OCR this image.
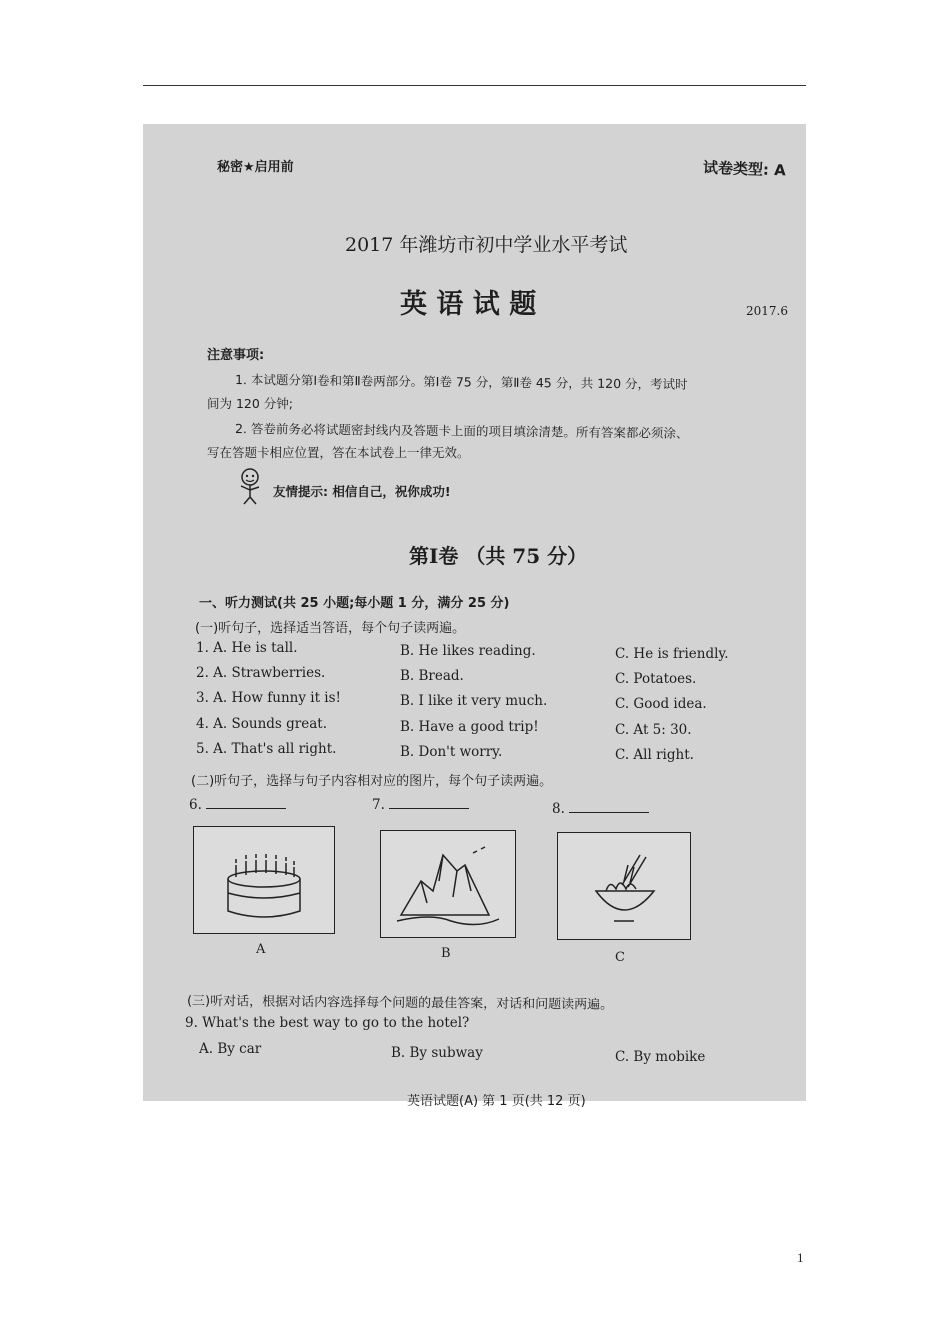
秘密★启用前	试卷类型: A
2017 年潍坊市初中学业水平考试
英 语 试 题	2017.6
注意事项:
1. 本试题分第Ⅰ卷和第Ⅱ卷两部分。第Ⅰ卷 75 分，第Ⅱ卷 45 分，共 120 分，考试时
间为 120 分钟;
2. 答卷前务必将试题密封线内及答题卡上面的项目填涂清楚。所有答案都必须涂、
写在答题卡相应位置，答在本试卷上一律无效。
友情提示: 相信自己，祝你成功!
第Ⅰ卷 （共 75 分）
一、听力测试(共 25 小题;每小题 1 分，满分 25 分)
(一)听句子，选择适当答语，每个句子读两遍。
1. A. He is tall.	B. He likes reading.	C. He is friendly.
2. A. Strawberries.	B. Bread.	C. Potatoes.
3. A. How funny it is!	B. I like it very much.	C. Good idea.
4. A. Sounds great.	B. Have a good trip!	C. At 5: 30.
5. A. That's all right.	B. Don't worry.	C. All right.
(二)听句子，选择与句子内容相对应的图片，每个句子读两遍。
6.	7.	8.
A	B	C
(三)听对话，根据对话内容选择每个问题的最佳答案，对话和问题读两遍。
9. What's the best way to go to the hotel?
A. By car	B. By subway	C. By mobike
英语试题(A) 第 1 页(共 12 页)
1
